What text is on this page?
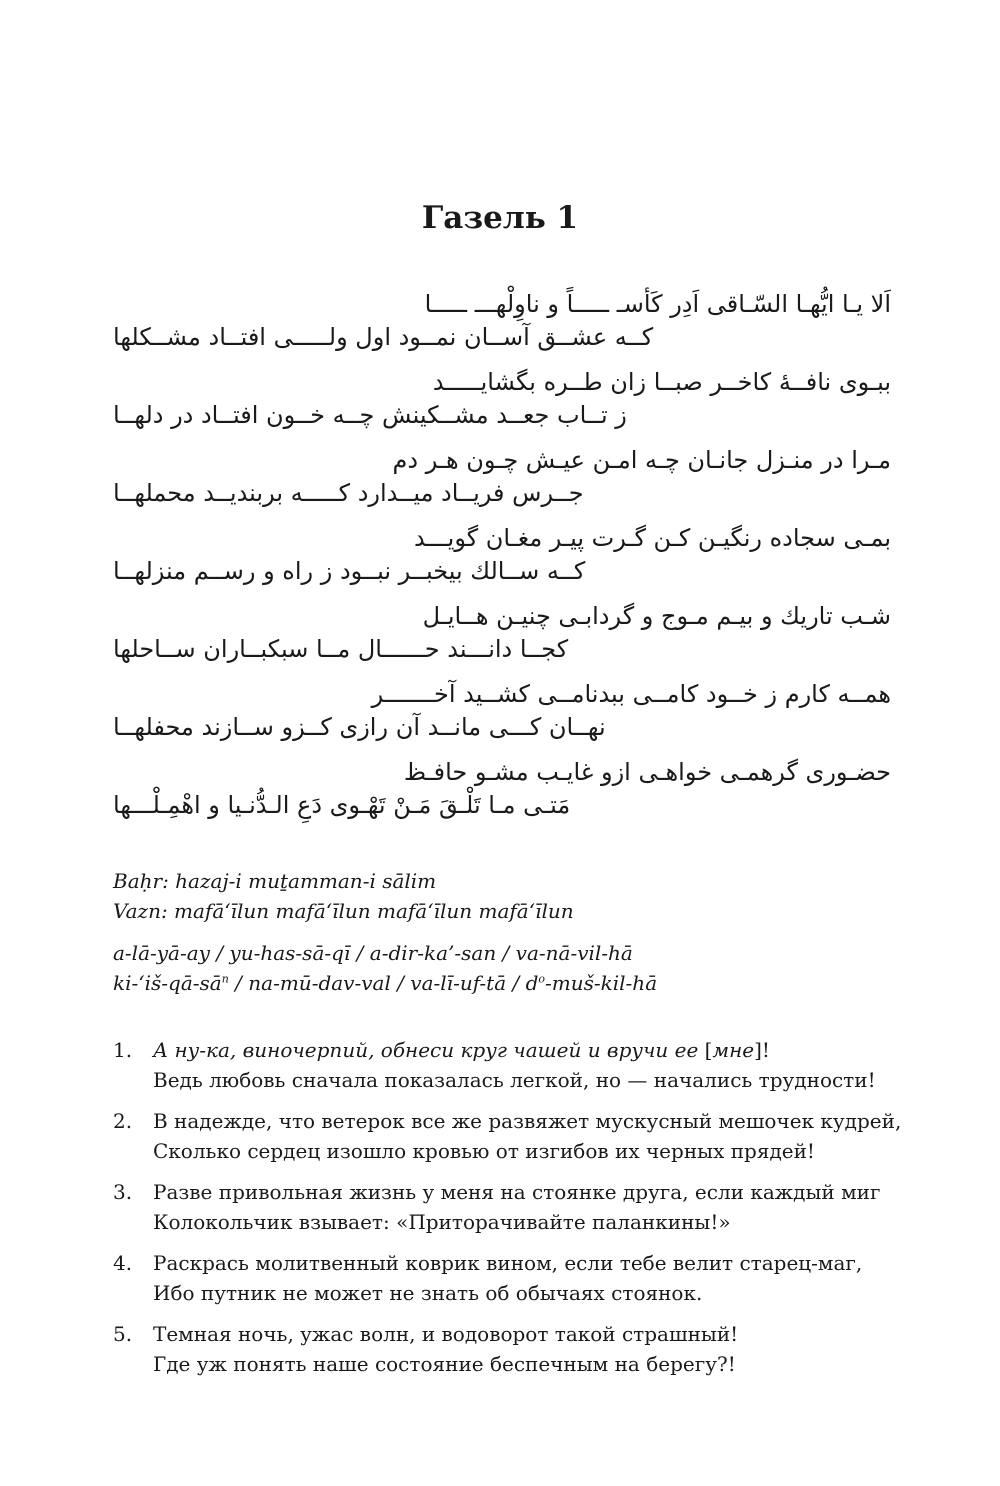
Газель 1
اَلا يـا ايُّهـا السّـاقى اَدِر كَأسـ ـــــاً و ناوِلْهـــ ـــــا
كــه عشــق آســان نمــود اول ولـــــى افتــاد مشــكلها
ببـوى نافــهٔ كاخــر صبــا زان طــره بگشايـــــد
ز تــاب جعــد مشــكينش چــه خــون افتــاد در دلهــا
مـرا در منـزل جانـان چـه امـن عيـش چـون هـر دم
جــرس فريــاد ميــدارد كـــــه بربنديــد محملهــا
بمـى سجاده رنگيـن كـن گـرت پيـر مغـان گويـــد
كــه ســالك بيخبــر نبــود ز راه و رســم منزلهــا
شـب تاريك و بيـم مـوج و گردابـى چنيـن هــايـل
كجــا دانـــند حــــــال مــا سبكبــاران ســاحلها
همــه كارم ز خــود كامــى ببدنامــى كشــيد آخـــــــر
نهــان كـــى مانــد آن رازى كــزو ســازند محفلهــا
حضـورى گرهمـى خواهـى ازو غايـب مشـو حافـظ
مَتـى مـا تَلْـقَ مَـنْ تَهْـوى دَعِ الـدُّنـيا و اهْمِـلْـــها
Baḥr: hazaj-i muṯamman-i sālim
Vazn: mafā‘īlun mafā‘īlun mafā‘īlun mafā‘īlun
a-lā-yā-ay / yu-has-sā-qī / a-dir-ka’-san / va-nā-vil-hā
$ki-‘iš-qā-sā^n$ / na-mū-dav-val / va-lī-uf-tā / $d^o-muš-kil-hā$
1. А ну-ка, виночерпий, обнеси круг чашей и вручи ее [мне]!
Ведь любовь сначала показалась легкой, но — начались трудности!
2. В надежде, что ветерок все же развяжет мускусный мешочек кудрей,
Сколько сердец изошло кровью от изгибов их черных прядей!
3. Разве привольная жизнь у меня на стоянке друга, если каждый миг
Колокольчик взывает: «Приторачивайте паланкины!»
4. Раскрась молитвенный коврик вином, если тебе велит старец-маг,
Ибо путник не может не знать об обычаях стоянок.
5. Темная ночь, ужас волн, и водоворот такой страшный!
Где уж понять наше состояние беспечным на берегу?!
